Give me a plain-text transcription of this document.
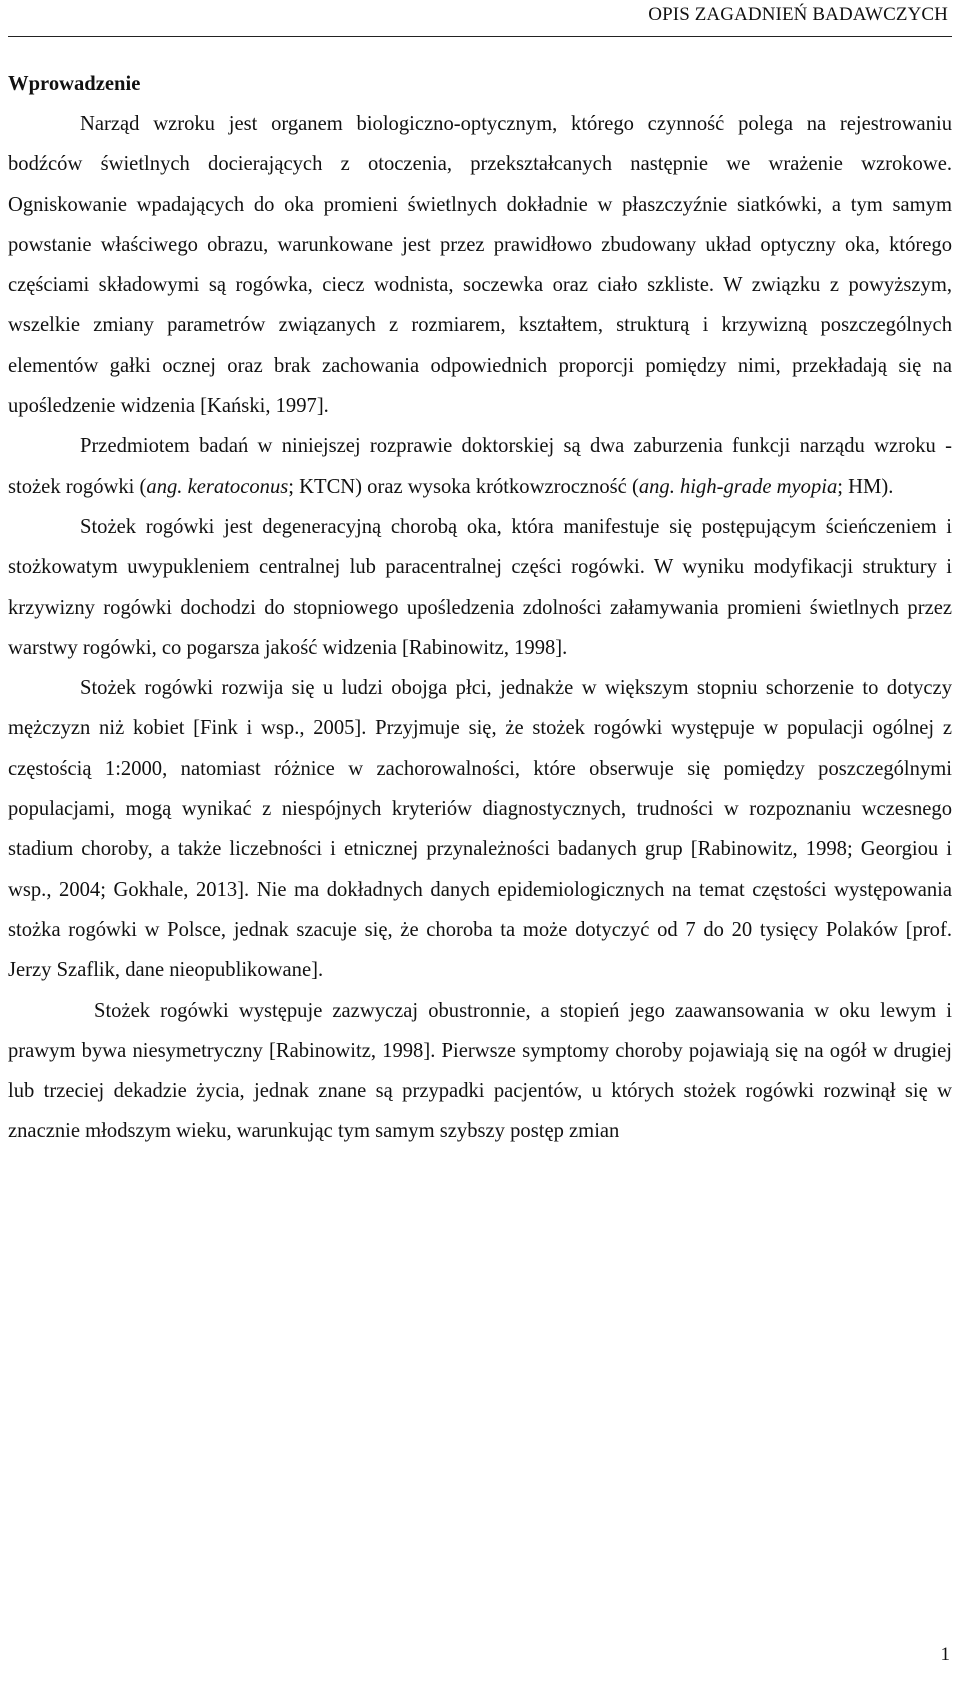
OPIS ZAGADNIEŃ BADAWCZYCH
Wprowadzenie

Narząd wzroku jest organem biologiczno-optycznym, którego czynność polega na rejestrowaniu bodźców świetlnych docierających z otoczenia, przekształcanych następnie we wrażenie wzrokowe. Ogniskowanie wpadających do oka promieni świetlnych dokładnie w płaszczyźnie siatkówki, a tym samym powstanie właściwego obrazu, warunkowane jest przez prawidłowo zbudowany układ optyczny oka, którego częściami składowymi są rogówka, ciecz wodnista, soczewka oraz ciało szkliste. W związku z powyższym, wszelkie zmiany parametrów związanych z rozmiarem, kształtem, strukturą i krzywizną poszczególnych elementów gałki ocznej oraz brak zachowania odpowiednich proporcji pomiędzy nimi, przekładają się na upośledzenie widzenia [Kański, 1997].

Przedmiotem badań w niniejszej rozprawie doktorskiej są dwa zaburzenia funkcji narządu wzroku - stożek rogówki (ang. keratoconus; KTCN) oraz wysoka krótkowzroczność (ang. high-grade myopia; HM).

Stożek rogówki jest degeneracyjną chorobą oka, która manifestuje się postępującym ścieńczeniem i stożkowatym uwypukleniem centralnej lub paracentralnej części rogówki. W wyniku modyfikacji struktury i krzywizny rogówki dochodzi do stopniowego upośledzenia zdolności załamywania promieni świetlnych przez warstwy rogówki, co pogarsza jakość widzenia [Rabinowitz, 1998].

Stożek rogówki rozwija się u ludzi obojga płci, jednakże w większym stopniu schorzenie to dotyczy mężczyzn niż kobiet [Fink i wsp., 2005]. Przyjmuje się, że stożek rogówki występuje w populacji ogólnej z częstością 1:2000, natomiast różnice w zachorowalności, które obserwuje się pomiędzy poszczególnymi populacjami, mogą wynikać z niespójnych kryteriów diagnostycznych, trudności w rozpoznaniu wczesnego stadium choroby, a także liczebności i etnicznej przynależności badanych grup [Rabinowitz, 1998; Georgiou i wsp., 2004; Gokhale, 2013]. Nie ma dokładnych danych epidemiologicznych na temat częstości występowania stożka rogówki w Polsce, jednak szacuje się, że choroba ta może dotyczyć od 7 do 20 tysięcy Polaków [prof. Jerzy Szaflik, dane nieopublikowane].

Stożek rogówki występuje zazwyczaj obustronnie, a stopień jego zaawansowania w oku lewym i prawym bywa niesymetryczny [Rabinowitz, 1998]. Pierwsze symptomy choroby pojawiają się na ogół w drugiej lub trzeciej dekadzie życia, jednak znane są przypadki pacjentów, u których stożek rogówki rozwinął się w znacznie młodszym wieku, warunkując tym samym szybszy postęp zmian

1
